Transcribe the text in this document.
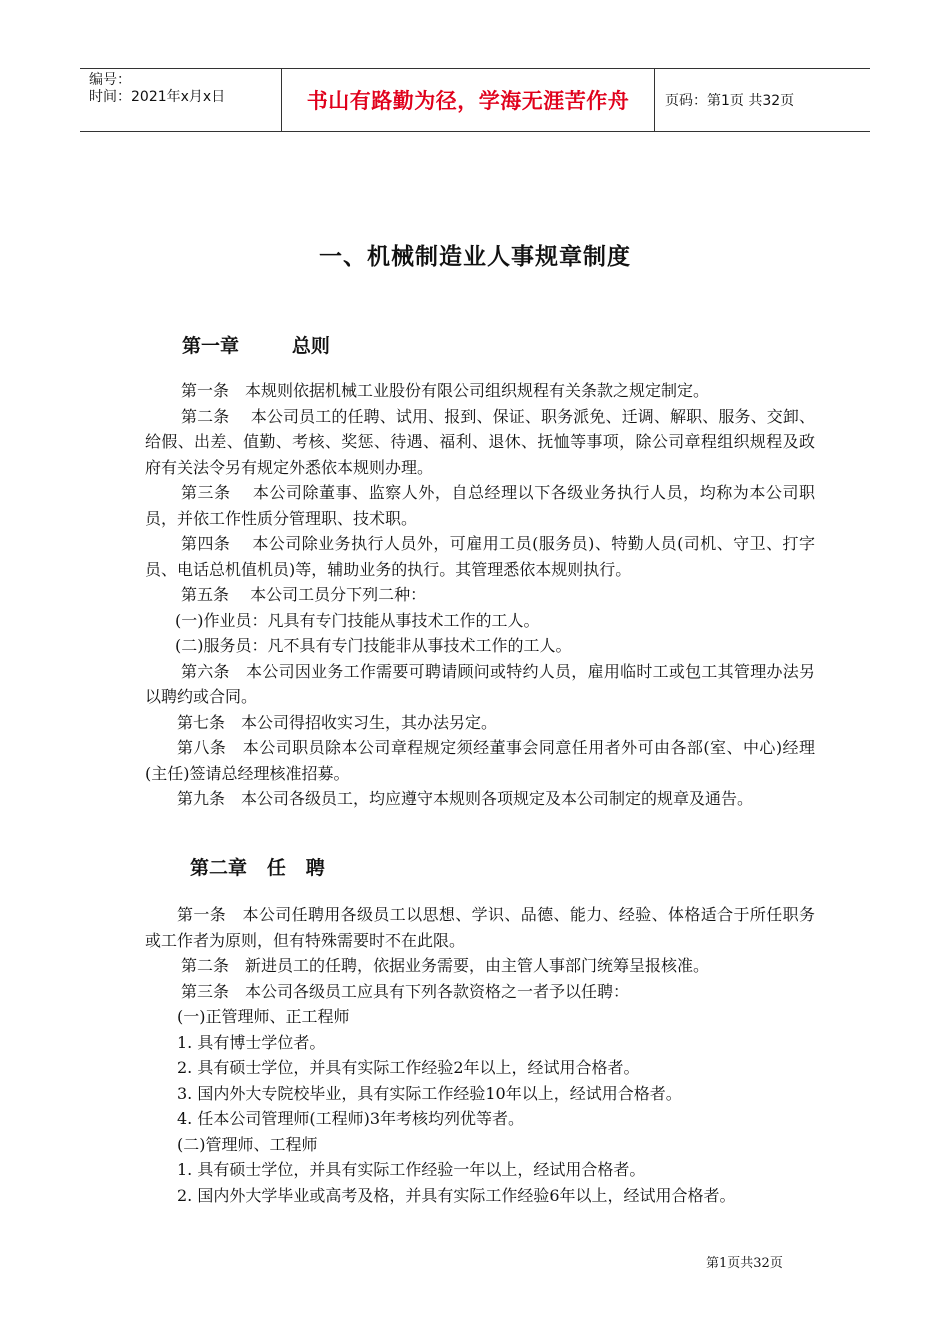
编号：
时间：2021年x月x日	书山有路勤为径，学海无涯苦作舟	页码：第1页 共32页
一、机械制造业人事规章制度
第一章        总则

第一条　本规则依据机械工业股份有限公司组织规程有关条款之规定制定。

第二条　 本公司员工的任聘、试用、报到、保证、职务派免、迁调、解职、服务、交卸、给假、出差、值勤、考核、奖惩、待遇、福利、退休、抚恤等事项，除公司章程组织规程及政府有关法令另有规定外悉依本规则办理。

第三条　 本公司除董事、监察人外，自总经理以下各级业务执行人员，均称为本公司职员，并依工作性质分管理职、技术职。

第四条　 本公司除业务执行人员外，可雇用工员(服务员)、特勤人员(司机、守卫、打字员、电话总机值机员)等，辅助业务的执行。其管理悉依本规则执行。

第五条　 本公司工员分下列二种：

(一)作业员：凡具有专门技能从事技术工作的工人。

(二)服务员：凡不具有专门技能非从事技术工作的工人。

第六条　本公司因业务工作需要可聘请顾问或特约人员，雇用临时工或包工其管理办法另以聘约或合同。

第七条　本公司得招收实习生，其办法另定。

第八条　本公司职员除本公司章程规定须经董事会同意任用者外可由各部(室、中心)经理(主任)签请总经理核准招募。

第九条　本公司各级员工，均应遵守本规则各项规定及本公司制定的规章及通告。

第二章   任   聘

第一条　本公司任聘用各级员工以思想、学识、品德、能力、经验、体格适合于所任职务或工作者为原则，但有特殊需要时不在此限。

第二条　新进员工的任聘，依据业务需要，由主管人事部门统筹呈报核准。

第三条　本公司各级员工应具有下列各款资格之一者予以任聘：

(一)正管理师、正工程师

1. 具有博士学位者。

2. 具有硕士学位，并具有实际工作经验2年以上，经试用合格者。

3. 国内外大专院校毕业，具有实际工作经验10年以上，经试用合格者。

4. 任本公司管理师(工程师)3年考核均列优等者。

(二)管理师、工程师

1. 具有硕士学位，并具有实际工作经验一年以上，经试用合格者。

2. 国内外大学毕业或高考及格，并具有实际工作经验6年以上，经试用合格者。

第1页共32页
